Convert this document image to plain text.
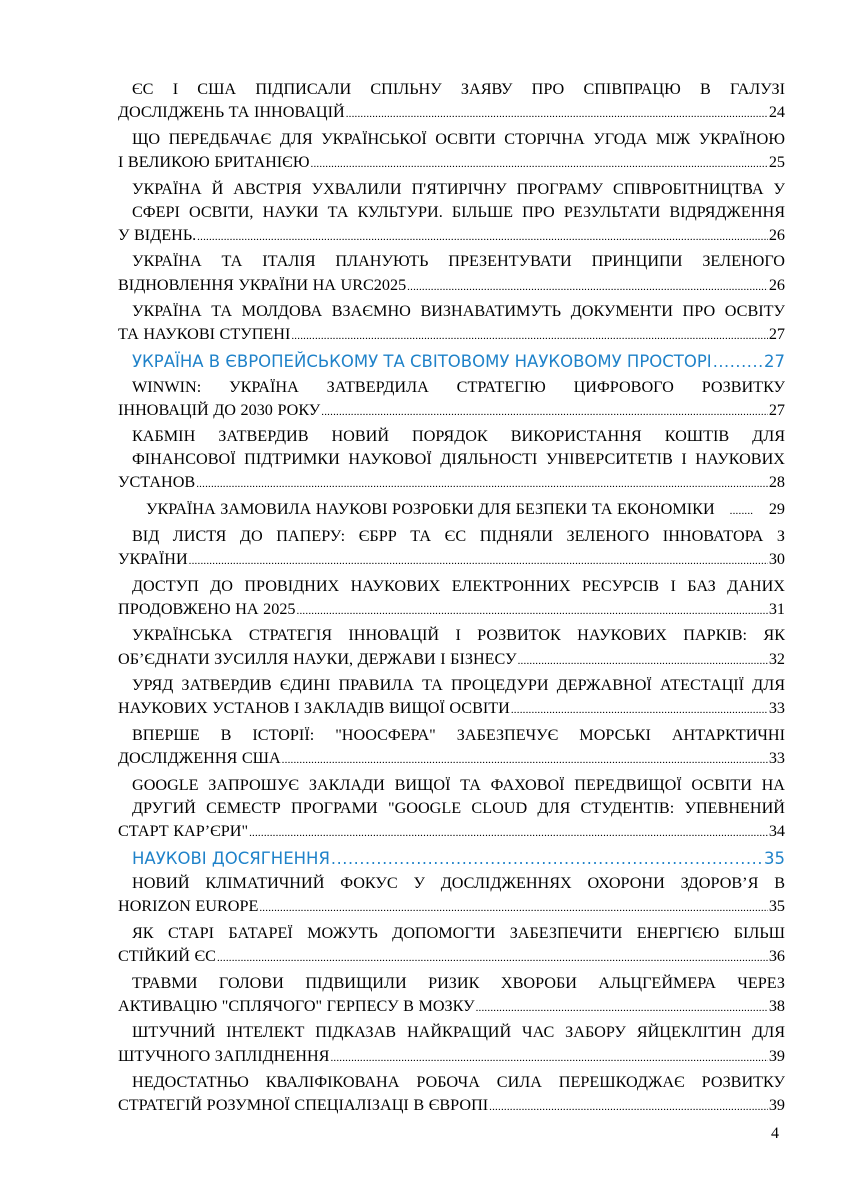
ЄС І США ПІДПИСАЛИ СПІЛЬНУ ЗАЯВУ ПРО СПІВПРАЦЮ В ГАЛУЗІ
ДОСЛІДЖЕНЬ ТА ІННОВАЦІЙ .....	24
ЩО ПЕРЕДБАЧАЄ ДЛЯ УКРАЇНСЬКОЇ ОСВІТИ СТОРІЧНА УГОДА МІЖ УКРАЇНОЮ
І ВЕЛИКОЮ БРИТАНІЄЮ .....	25
УКРАЇНА Й АВСТРІЯ УХВАЛИЛИ П'ЯТИРІЧНУ ПРОГРАМУ СПІВРОБІТНИЦТВА У
СФЕРІ ОСВІТИ, НАУКИ ТА КУЛЬТУРИ. БІЛЬШЕ ПРО РЕЗУЛЬТАТИ ВІДРЯДЖЕННЯ
У ВІДЕНЬ. .....	26
УКРАЇНА ТА ІТАЛІЯ ПЛАНУЮТЬ ПРЕЗЕНТУВАТИ ПРИНЦИПИ ЗЕЛЕНОГО
ВІДНОВЛЕННЯ УКРАЇНИ НА URC2025 .....	26
УКРАЇНА ТА МОЛДОВА ВЗАЄМНО ВИЗНАВАТИМУТЬ ДОКУМЕНТИ ПРО ОСВІТУ
ТА НАУКОВІ СТУПЕНІ .....	27
УКРАЇНА В ЄВРОПЕЙСЬКОМУ ТА СВІТОВОМУ НАУКОВОМУ ПРОСТОРІ .....	27
WINWIN: УКРАЇНА ЗАТВЕРДИЛА СТРАТЕГІЮ ЦИФРОВОГО РОЗВИТКУ
ІННОВАЦІЙ ДО 2030 РОКУ .....	27
КАБМІН ЗАТВЕРДИВ НОВИЙ ПОРЯДОК ВИКОРИСТАННЯ КОШТІВ ДЛЯ
ФІНАНСОВОЇ ПІДТРИМКИ НАУКОВОЇ ДІЯЛЬНОСТІ УНІВЕРСИТЕТІВ І НАУКОВИХ
УСТАНОВ .....	28
УКРАЇНА ЗАМОВИЛА НАУКОВІ РОЗРОБКИ ДЛЯ БЕЗПЕКИ ТА ЕКОНОМІКИ .....	29
ВІД ЛИСТЯ ДО ПАПЕРУ: ЄБРР ТА ЄС ПІДНЯЛИ ЗЕЛЕНОГО ІННОВАТОРА З
УКРАЇНИ .....	30
ДОСТУП ДО ПРОВІДНИХ НАУКОВИХ ЕЛЕКТРОННИХ РЕСУРСІВ І БАЗ ДАНИХ
ПРОДОВЖЕНО НА 2025 .....	31
УКРАЇНСЬКА СТРАТЕГІЯ ІННОВАЦІЙ І РОЗВИТОК НАУКОВИХ ПАРКІВ: ЯК
ОБ’ЄДНАТИ ЗУСИЛЛЯ НАУКИ, ДЕРЖАВИ І БІЗНЕСУ .....	32
УРЯД ЗАТВЕРДИВ ЄДИНІ ПРАВИЛА ТА ПРОЦЕДУРИ ДЕРЖАВНОЇ АТЕСТАЦІЇ ДЛЯ
НАУКОВИХ УСТАНОВ І ЗАКЛАДІВ ВИЩОЇ ОСВІТИ .....	33
ВПЕРШЕ В ІСТОРІЇ: "НООСФЕРА" ЗАБЕЗПЕЧУЄ МОРСЬКІ АНТАРКТИЧНІ
ДОСЛІДЖЕННЯ США .....	33
GOOGLE ЗАПРОШУЄ ЗАКЛАДИ ВИЩОЇ ТА ФАХОВОЇ ПЕРЕДВИЩОЇ ОСВІТИ НА
ДРУГИЙ СЕМЕСТР ПРОГРАМИ "GOOGLE CLOUD ДЛЯ СТУДЕНТІВ: УПЕВНЕНИЙ
СТАРТ КАР’ЄРИ" .....	34
НАУКОВІ ДОСЯГНЕННЯ .....	35
НОВИЙ КЛІМАТИЧНИЙ ФОКУС У ДОСЛІДЖЕННЯХ ОХОРОНИ ЗДОРОВ’Я В
HORIZON EUROPE .....	35
ЯК СТАРІ БАТАРЕЇ МОЖУТЬ ДОПОМОГТИ ЗАБЕЗПЕЧИТИ ЕНЕРГІЄЮ БІЛЬШ
СТІЙКИЙ ЄС .....	36
ТРАВМИ ГОЛОВИ ПІДВИЩИЛИ РИЗИК ХВОРОБИ АЛЬЦГЕЙМЕРА ЧЕРЕЗ
АКТИВАЦІЮ "СПЛЯЧОГО" ГЕРПЕСУ В МОЗКУ .....	38
ШТУЧНИЙ ІНТЕЛЕКТ ПІДКАЗАВ НАЙКРАЩИЙ ЧАС ЗАБОРУ ЯЙЦЕКЛІТИН ДЛЯ
ШТУЧНОГО ЗАПЛІДНЕННЯ .....	39
НЕДОСТАТНЬО КВАЛІФІКОВАНА РОБОЧА СИЛА ПЕРЕШКОДЖАЄ РОЗВИТКУ
СТРАТЕГІЙ РОЗУМНОЇ СПЕЦІАЛІЗАЦІ В ЄВРОПІ .....	39
4
